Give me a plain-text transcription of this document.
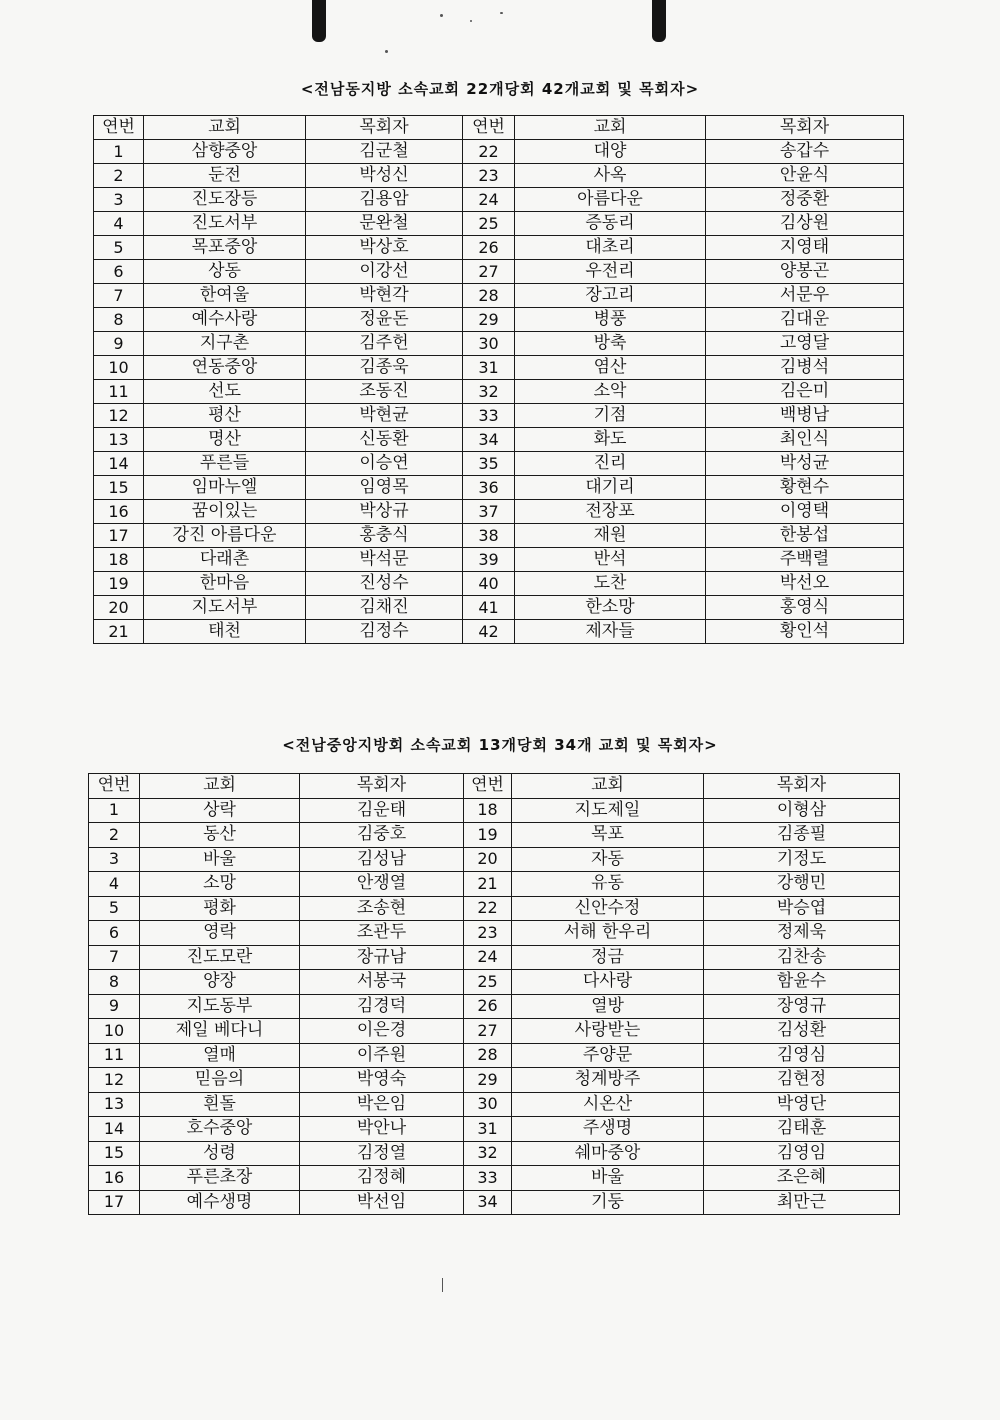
<전남동지방 소속교회 22개당회 42개교회 및 목회자>
연번	교회	목회자	연번	교회	목회자
1	삼향중앙	김군철	22	대양	송갑수
2	둔전	박성신	23	사옥	안윤식
3	진도장등	김용암	24	아름다운	정중환
4	진도서부	문완철	25	증동리	김상원
5	목포중앙	박상호	26	대초리	지영태
6	상동	이강선	27	우전리	양봉곤
7	한여울	박현각	28	장고리	서문우
8	예수사랑	정윤돈	29	병풍	김대운
9	지구촌	김주헌	30	방축	고영달
10	연동중앙	김종욱	31	염산	김병석
11	선도	조동진	32	소악	김은미
12	평산	박현균	33	기점	백병남
13	명산	신동환	34	화도	최인식
14	푸른들	이승연	35	진리	박성균
15	임마누엘	임영목	36	대기리	황현수
16	꿈이있는	박상규	37	전장포	이영택
17	강진 아름다운	홍충식	38	재원	한봉섭
18	다래촌	박석문	39	반석	주백렬
19	한마음	진성수	40	도찬	박선오
20	지도서부	김채진	41	한소망	홍영식
21	태천	김정수	42	제자들	황인석
<전남중앙지방회 소속교회 13개당회 34개 교회 및 목회자>
연번	교회	목회자	연번	교회	목회자
1	상락	김운태	18	지도제일	이형삼
2	동산	김중호	19	목포	김종필
3	바울	김성남	20	자동	기정도
4	소망	안쟁열	21	유동	강행민
5	평화	조송현	22	신안수정	박승엽
6	영락	조관두	23	서해 한우리	정제욱
7	진도모란	장규남	24	정금	김찬송
8	양장	서봉국	25	다사랑	함윤수
9	지도동부	김경덕	26	열방	장영규
10	제일 베다니	이은경	27	사랑받는	김성환
11	열매	이주원	28	주양문	김영심
12	믿음의	박영숙	29	청계방주	김현정
13	흰돌	박은임	30	시온산	박영단
14	호수중앙	박안나	31	주생명	김태훈
15	성령	김정열	32	쉐마중앙	김영임
16	푸른초장	김정혜	33	바울	조은혜
17	예수생명	박선임	34	기둥	최만근
